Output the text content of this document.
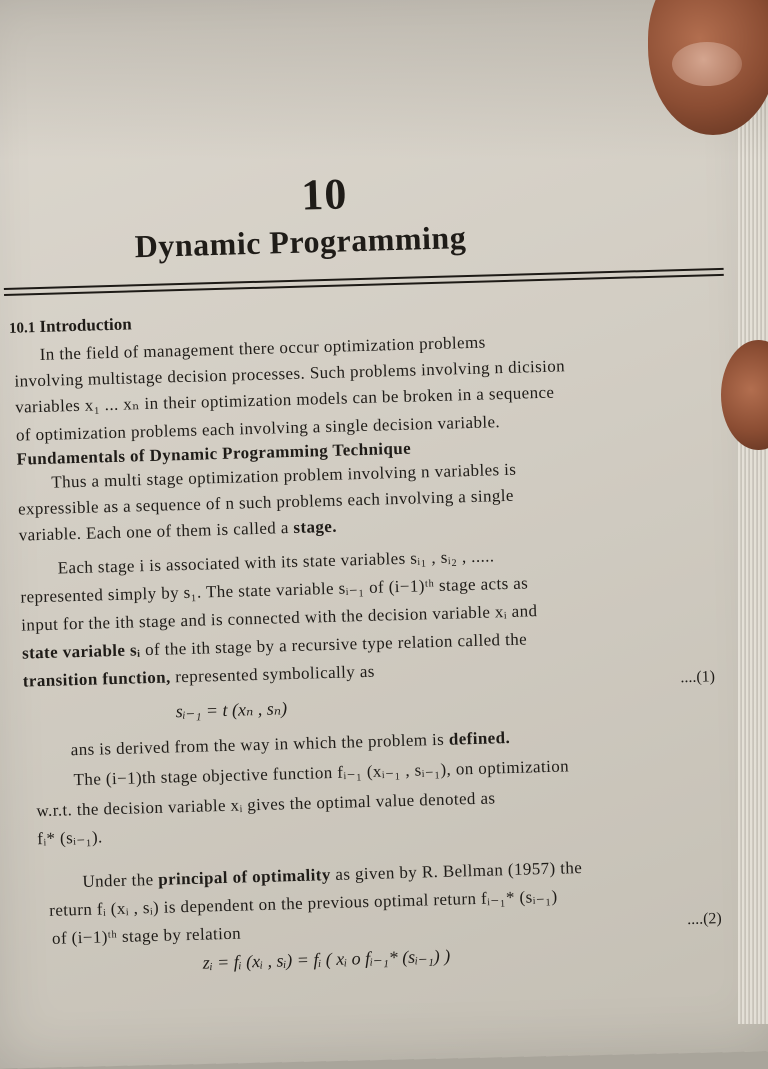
10
Dynamic Programming
10.1 Introduction
In the field of management there occur optimization problems
involving multistage decision processes. Such problems involving n dicision
variables x₁ ... xₙ in their optimization models can be broken in a sequence
of optimization problems each involving a single decision variable.
Fundamentals of Dynamic Programming Technique
Thus a multi stage optimization problem involving n variables is
expressible as a sequence of n such problems each involving a single
variable. Each one of them is called a stage.
Each stage i is associated with its state variables sᵢ₁ , sᵢ₂ , .....
represented simply by s₁. The state variable sᵢ₋₁ of (i−1)ᵗʰ stage acts as
input for the ith stage and is connected with the decision variable xᵢ and
state variable sᵢ of the ith stage by a recursive type relation called the
transition function, represented symbolically as	....(1)
sᵢ₋₁ = t (xₙ , sₙ)
ans is derived from the way in which the problem is defined.
The (i−1)th stage objective function fᵢ₋₁ (xᵢ₋₁ , sᵢ₋₁), on optimization
w.r.t. the decision variable xᵢ gives the optimal value denoted as
fᵢ* (sᵢ₋₁).
Under the principal of optimality as given by R. Bellman (1957) the
return fᵢ (xᵢ , sᵢ) is dependent on the previous optimal return fᵢ₋₁* (sᵢ₋₁)
of (i−1)ᵗʰ stage by relation
....(2)
zᵢ = fᵢ (xᵢ , sᵢ) = fᵢ ( xᵢ o fᵢ₋₁* (sᵢ₋₁) )
